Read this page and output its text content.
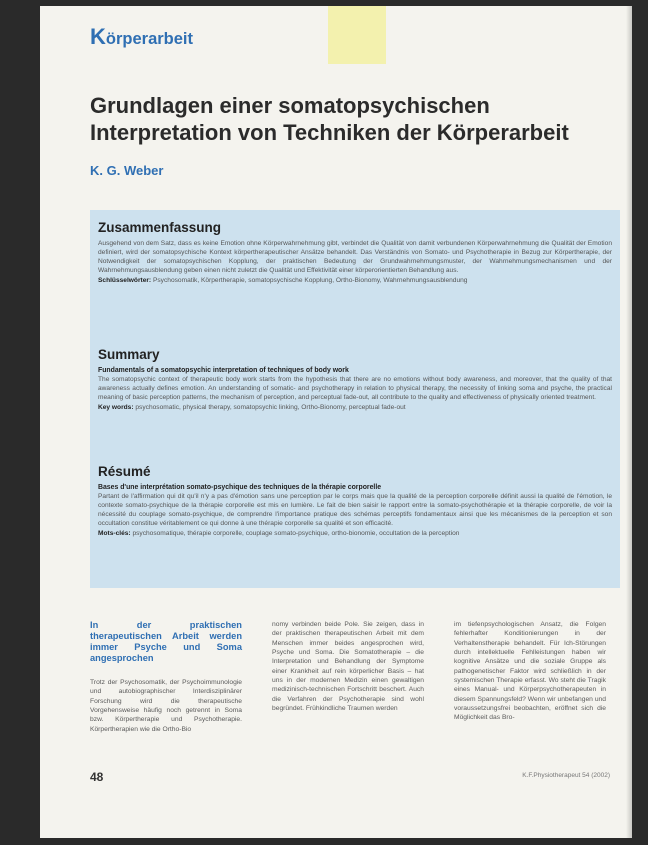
Körperarbeit
Grundlagen einer somatopsychischen Interpretation von Techniken der Körperarbeit
K. G. Weber
Zusammenfassung

Ausgehend von dem Satz, dass es keine Emotion ohne Körperwahrnehmung gibt, verbindet die Qualität von damit verbundenen Körperwahrnehmung die Qualität der Emotion definiert, wird der somatopsychische Kontext körpertherapeutischer Ansätze behandelt. Das Verständnis von Somato- und Psychotherapie in Bezug zur Körpertherapie, der Notwendigkeit der somatopsychischen Kopplung, der praktischen Bedeutung der Grundwahrnehmungsmuster, der Wahrnehmungsmechanismen und der Wahrnehmungsausblendung geben einen nicht zuletzt die Qualität und Effektivität einer körperorientierten Behandlung aus.

Schlüsselwörter: Psychosomatik, Körpertherapie, somatopsychische Kopplung, Ortho-Bionomy, Wahrnehmungsausblendung
Summary
Fundamentals of a somatopsychic interpretation of techniques of body work

The somatopsychic context of therapeutic body work starts from the hypothesis that there are no emotions without body awareness, and moreover, that the quality of that awareness actually defines emotion. An understanding of somatic- and psychotherapy in relation to physical therapy, the necessity of linking soma and psyche, the practical meaning of basic perception patterns, the mechanism of perception, and perceptual fade-out, all contribute to the quality and effectiveness of physically oriented treatment.

Key words: psychosomatic, physical therapy, somatopsychic linking, Ortho-Bionomy, perceptual fade-out
Résumé
Bases d'une interprétation somato-psychique des techniques de la thérapie corporelle

Partant de l'affirmation qui dit qu'il n'y a pas d'émotion sans une perception par le corps mais que la qualité de la perception corporelle définit aussi la qualité de l'émotion, le contexte somato-psychique de la thérapie corporelle est mis en lumière. Le fait de bien saisir le rapport entre la somato-psychothérapie et la thérapie corporelle, de voir la nécessité du couplage somato-psychique, de comprendre l'importance pratique des schémas perceptifs fondamentaux ainsi que les mécanismes de la perception et son occultation constitue véritablement ce qui donne à une thérapie corporelle sa qualité et son efficacité.

Mots-clés: psychosomatique, thérapie corporelle, couplage somato-psychique, ortho-bionomie, occultation de la perception
In der praktischen therapeutischen Arbeit werden immer Psyche und Soma angesprochen

Trotz der Psychosomatik, der Psychoimmunologie und autobiographischer Interdisziplinärer Forschung wird die therapeutische Vorgehensweise häufig noch getrennt in Soma bzw. Körpertherapie und Psychotherapie. Körpertherapien wie die Ortho-Bio

nomy verbinden beide Pole. Sie zeigen, dass in der praktischen therapeutischen Arbeit mit dem Menschen immer beides angesprochen wird, Psyche und Soma. Die Somatotherapie – die Interpretation und Behandlung der Symptome einer Krankheit auf rein körperlicher Basis – hat uns in der modernen Medizin einen gewaltigen medizinisch-technischen Fortschritt beschert. Auch die Verfahren der Psychotherapie sind wohl begründet. Frühkindliche Traumen werden

im tiefenpsychologischen Ansatz, die Folgen fehlerhafter Konditionierungen in der Verhaltenstherapie behandelt. Für Ich-Störungen durch intellektuelle Fehlleistungen haben wir kognitive Ansätze und die soziale Gruppe als pathogenetischer Faktor wird schließlich in der systemischen Therapie erfasst. Wo steht die Tragik eines Manual- und Körperpsychotherapeuten in diesem Spannungsfeld? Wenn wir unbefangen und voraussetzungsfrei beobachten, eröffnet sich die Möglichkeit das Bro-

48	K.F.Physiotherapeut 54 (2002)
